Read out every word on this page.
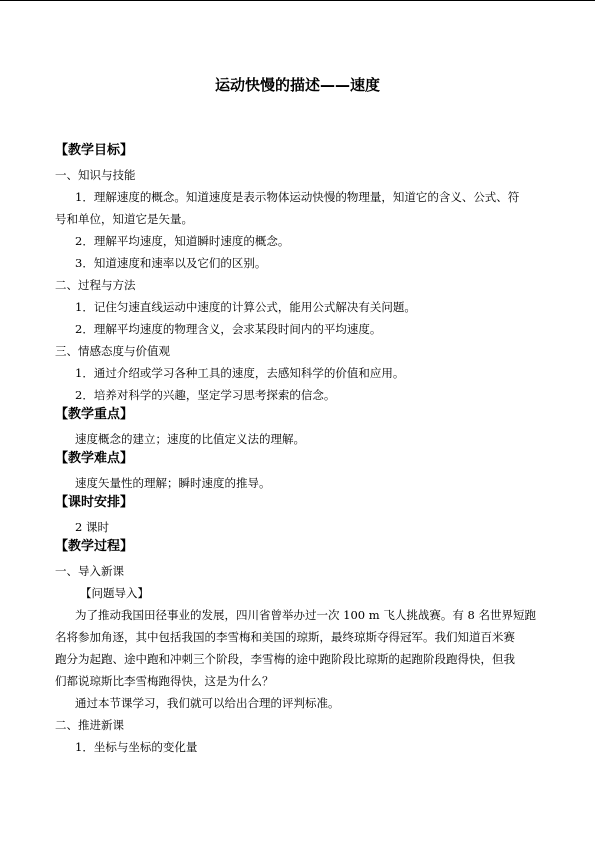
运动快慢的描述——速度
【教学目标】
一、知识与技能
1．理解速度的概念。知道速度是表示物体运动快慢的物理量，知道它的含义、公式、符
号和单位，知道它是矢量。
2．理解平均速度，知道瞬时速度的概念。
3．知道速度和速率以及它们的区别。
二、过程与方法
1．记住匀速直线运动中速度的计算公式，能用公式解决有关问题。
2．理解平均速度的物理含义，会求某段时间内的平均速度。
三、情感态度与价值观
1．通过介绍或学习各种工具的速度，去感知科学的价值和应用。
2．培养对科学的兴趣，坚定学习思考探索的信念。
【教学重点】
速度概念的建立；速度的比值定义法的理解。
【教学难点】
速度矢量性的理解；瞬时速度的推导。
【课时安排】
2 课时
【教学过程】
一、导入新课
【问题导入】
为了推动我国田径事业的发展，四川省曾举办过一次 100 m 飞人挑战赛。有 8 名世界短跑
名将参加角逐，其中包括我国的李雪梅和美国的琼斯，最终琼斯夺得冠军。我们知道百米赛
跑分为起跑、途中跑和冲刺三个阶段，李雪梅的途中跑阶段比琼斯的起跑阶段跑得快，但我
们都说琼斯比李雪梅跑得快，这是为什么？
通过本节课学习，我们就可以给出合理的评判标准。
二、推进新课
1．坐标与坐标的变化量
